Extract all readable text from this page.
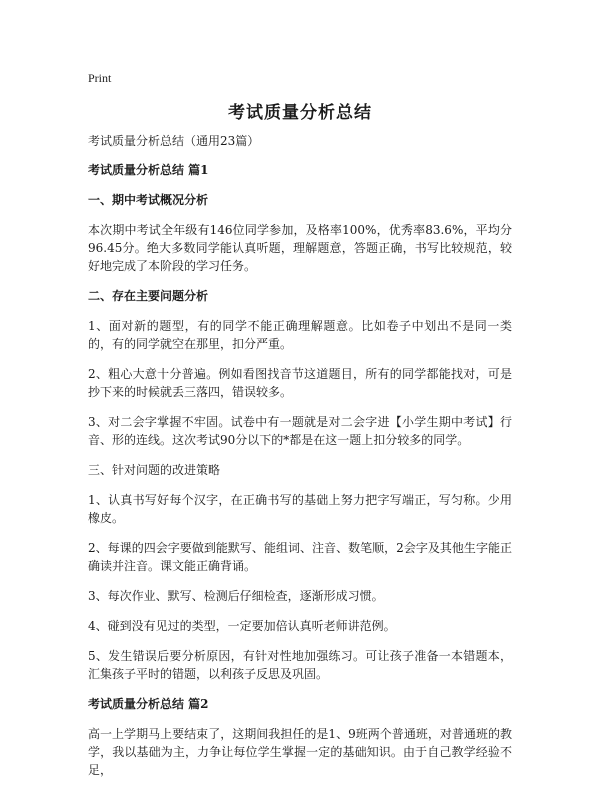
Print
考试质量分析总结

考试质量分析总结（通用23篇）

考试质量分析总结 篇1

一、期中考试概况分析

本次期中考试全年级有146位同学参加，及格率100%，优秀率83.6%，平均分96.45分。绝大多数同学能认真听题，理解题意，答题正确，书写比较规范，较好地完成了本阶段的学习任务。

二、存在主要问题分析

1、面对新的题型，有的同学不能正确理解题意。比如卷子中划出不是同一类的，有的同学就空在那里，扣分严重。

2、粗心大意十分普遍。例如看图找音节这道题目，所有的同学都能找对，可是抄下来的时候就丢三落四，错误较多。

3、对二会字掌握不牢固。试卷中有一题就是对二会字进【小学生期中考试】行音、形的连线。这次考试90分以下的*都是在这一题上扣分较多的同学。

三、针对问题的改进策略

1、认真书写好每个汉字，在正确书写的基础上努力把字写端正，写匀称。少用橡皮。

2、每课的四会字要做到能默写、能组词、注音、数笔顺，2会字及其他生字能正确读并注音。课文能正确背诵。

3、每次作业、默写、检测后仔细检查，逐渐形成习惯。

4、碰到没有见过的类型，一定要加倍认真听老师讲范例。

5、发生错误后要分析原因，有针对性地加强练习。可让孩子准备一本错题本，汇集孩子平时的错题，以利孩子反思及巩固。

考试质量分析总结 篇2

高一上学期马上要结束了，这期间我担任的是1、9班两个普通班，对普通班的教学，我以基础为主，力争让每位学生掌握一定的基础知识。由于自己教学经验不足，
